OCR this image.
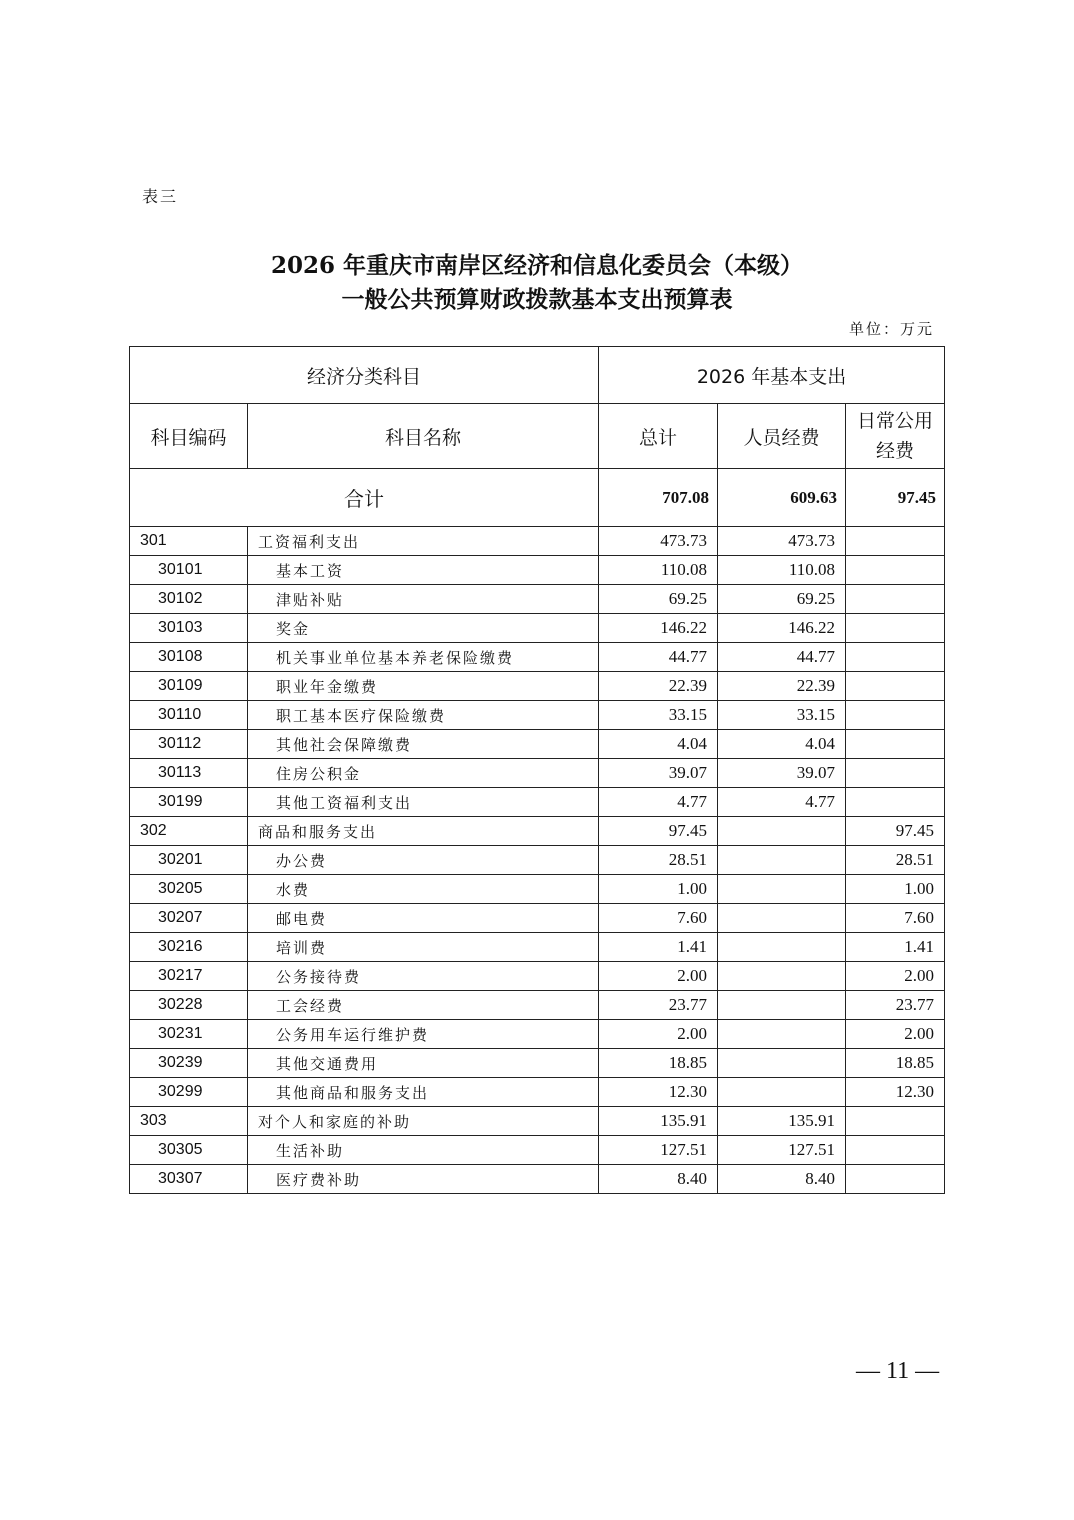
表三
2026 年重庆市南岸区经济和信息化委员会（本级）
一般公共预算财政拨款基本支出预算表
单位：万元
经济分类科目		2026 年基本支出		
科目编码	科目名称	总计	人员经费	日常公用经费
合计		707.08	609.63	97.45
301	工资福利支出	473.73	473.73	
30101	基本工资	110.08	110.08	
30102	津贴补贴	69.25	69.25	
30103	奖金	146.22	146.22	
30108	机关事业单位基本养老保险缴费	44.77	44.77	
30109	职业年金缴费	22.39	22.39	
30110	职工基本医疗保险缴费	33.15	33.15	
30112	其他社会保障缴费	4.04	4.04	
30113	住房公积金	39.07	39.07	
30199	其他工资福利支出	4.77	4.77	
302	商品和服务支出	97.45		97.45
30201	办公费	28.51		28.51
30205	水费	1.00		1.00
30207	邮电费	7.60		7.60
30216	培训费	1.41		1.41
30217	公务接待费	2.00		2.00
30228	工会经费	23.77		23.77
30231	公务用车运行维护费	2.00		2.00
30239	其他交通费用	18.85		18.85
30299	其他商品和服务支出	12.30		12.30
303	对个人和家庭的补助	135.91	135.91	
30305	生活补助	127.51	127.51	
30307	医疗费补助	8.40	8.40	
— 11 —
